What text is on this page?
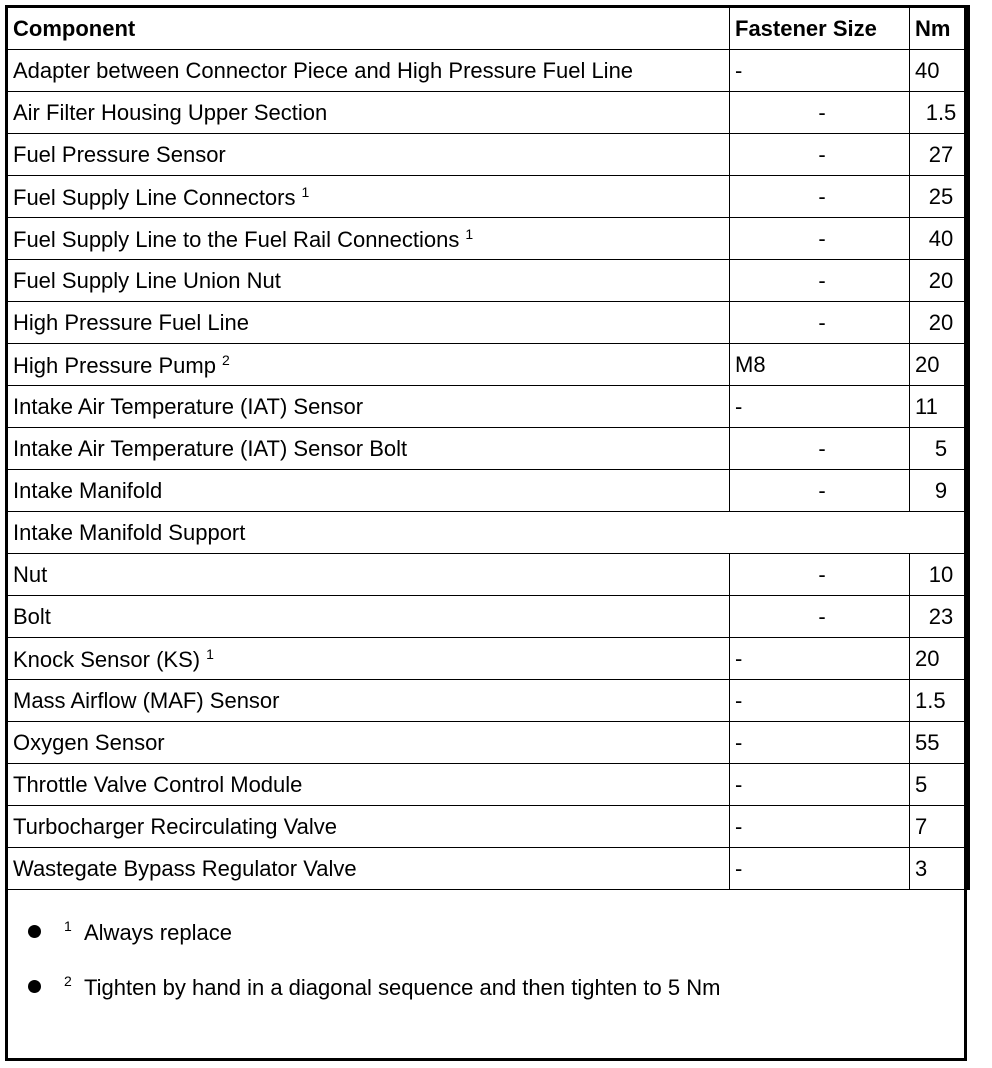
Component	Fastener Size	Nm
Adapter between Connector Piece and High Pressure Fuel Line	-	40
Air Filter Housing Upper Section	-	1.5
Fuel Pressure Sensor	-	27
Fuel Supply Line Connectors $^1$	-	25
Fuel Supply Line to the Fuel Rail Connections $^1$	-	40
Fuel Supply Line Union Nut	-	20
High Pressure Fuel Line	-	20
High Pressure Pump $^2$	M8	20
Intake Air Temperature (IAT) Sensor	-	11
Intake Air Temperature (IAT) Sensor Bolt	-	5
Intake Manifold	-	9
Intake Manifold Support		
Nut	-	10
Bolt	-	23
Knock Sensor (KS) $^1$	-	20
Mass Airflow (MAF) Sensor	-	1.5
Oxygen Sensor	-	55
Throttle Valve Control Module	-	5
Turbocharger Recirculating Valve	-	7
Wastegate Bypass Regulator Valve	-	3
1 Always replace
2 Tighten by hand in a diagonal sequence and then tighten to 5 Nm
